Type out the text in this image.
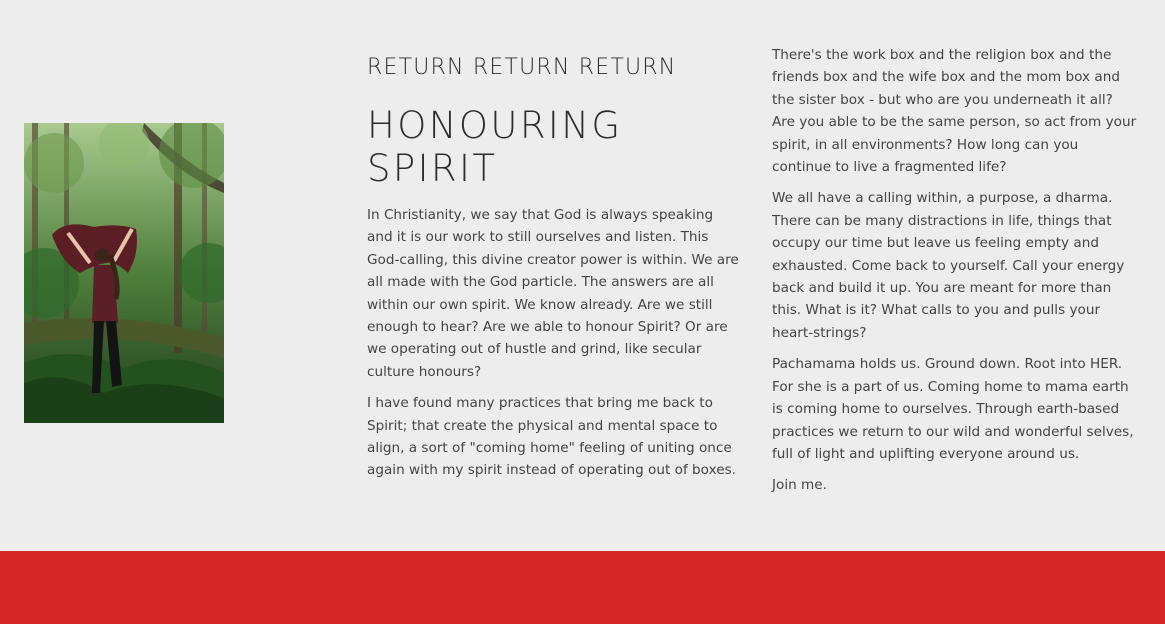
RETURN RETURN RETURN
HONOURING
SPIRIT

In Christianity, we say that God is always speaking and it is our work to still ourselves and listen. This God-calling, this divine creator power is within. We are all made with the God particle. The answers are all within our own spirit. We know already. Are we still enough to hear? Are we able to honour Spirit? Or are we operating out of hustle and grind, like secular culture honours?

I have found many practices that bring me back to Spirit; that create the physical and mental space to align, a sort of "coming home" feeling of uniting once again with my spirit instead of operating out of boxes.

There's the work box and the religion box and the friends box and the wife box and the mom box and the sister box - but who are you underneath it all? Are you able to be the same person, so act from your spirit, in all environments? How long can you continue to live a fragmented life?

We all have a calling within, a purpose, a dharma. There can be many distractions in life, things that occupy our time but leave us feeling empty and exhausted. Come back to yourself. Call your energy back and build it up. You are meant for more than this. What is it? What calls to you and pulls your heart-strings?

Pachamama holds us. Ground down. Root into HER. For she is a part of us. Coming home to mama earth is coming home to ourselves. Through earth-based practices we return to our wild and wonderful selves, full of light and uplifting everyone around us.

Join me.
